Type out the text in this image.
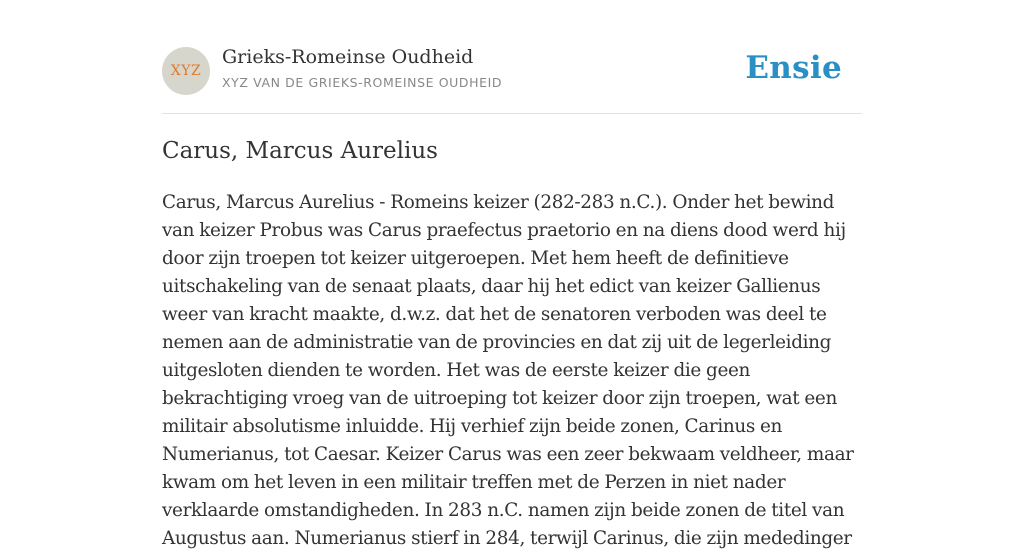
XYZ
Grieks-Romeinse Oudheid
XYZ VAN DE GRIEKS-ROMEINSE OUDHEID	Ensie
Carus, Marcus Aurelius

Carus, Marcus Aurelius - Romeins keizer (282-283 n.C.). Onder het bewind van keizer Probus was Carus praefectus praetorio en na diens dood werd hij door zijn troepen tot keizer uitgeroepen. Met hem heeft de definitieve uitschakeling van de senaat plaats, daar hij het edict van keizer Gallienus weer van kracht maakte, d.w.z. dat het de senatoren verboden was deel te nemen aan de administratie van de provincies en dat zij uit de legerleiding uitgesloten dienden te worden. Het was de eerste keizer die geen bekrachtiging vroeg van de uitroeping tot keizer door zijn troepen, wat een militair absolutisme inluidde. Hij verhief zijn beide zonen, Carinus en Numerianus, tot Caesar. Keizer Carus was een zeer bekwaam veldheer, maar kwam om het leven in een militair treffen met de Perzen in niet nader verklaarde omstandigheden. In 283 n.C. namen zijn beide zonen de titel van Augustus aan. Numerianus stierf in 284, terwijl Carinus, die zijn mededinger
